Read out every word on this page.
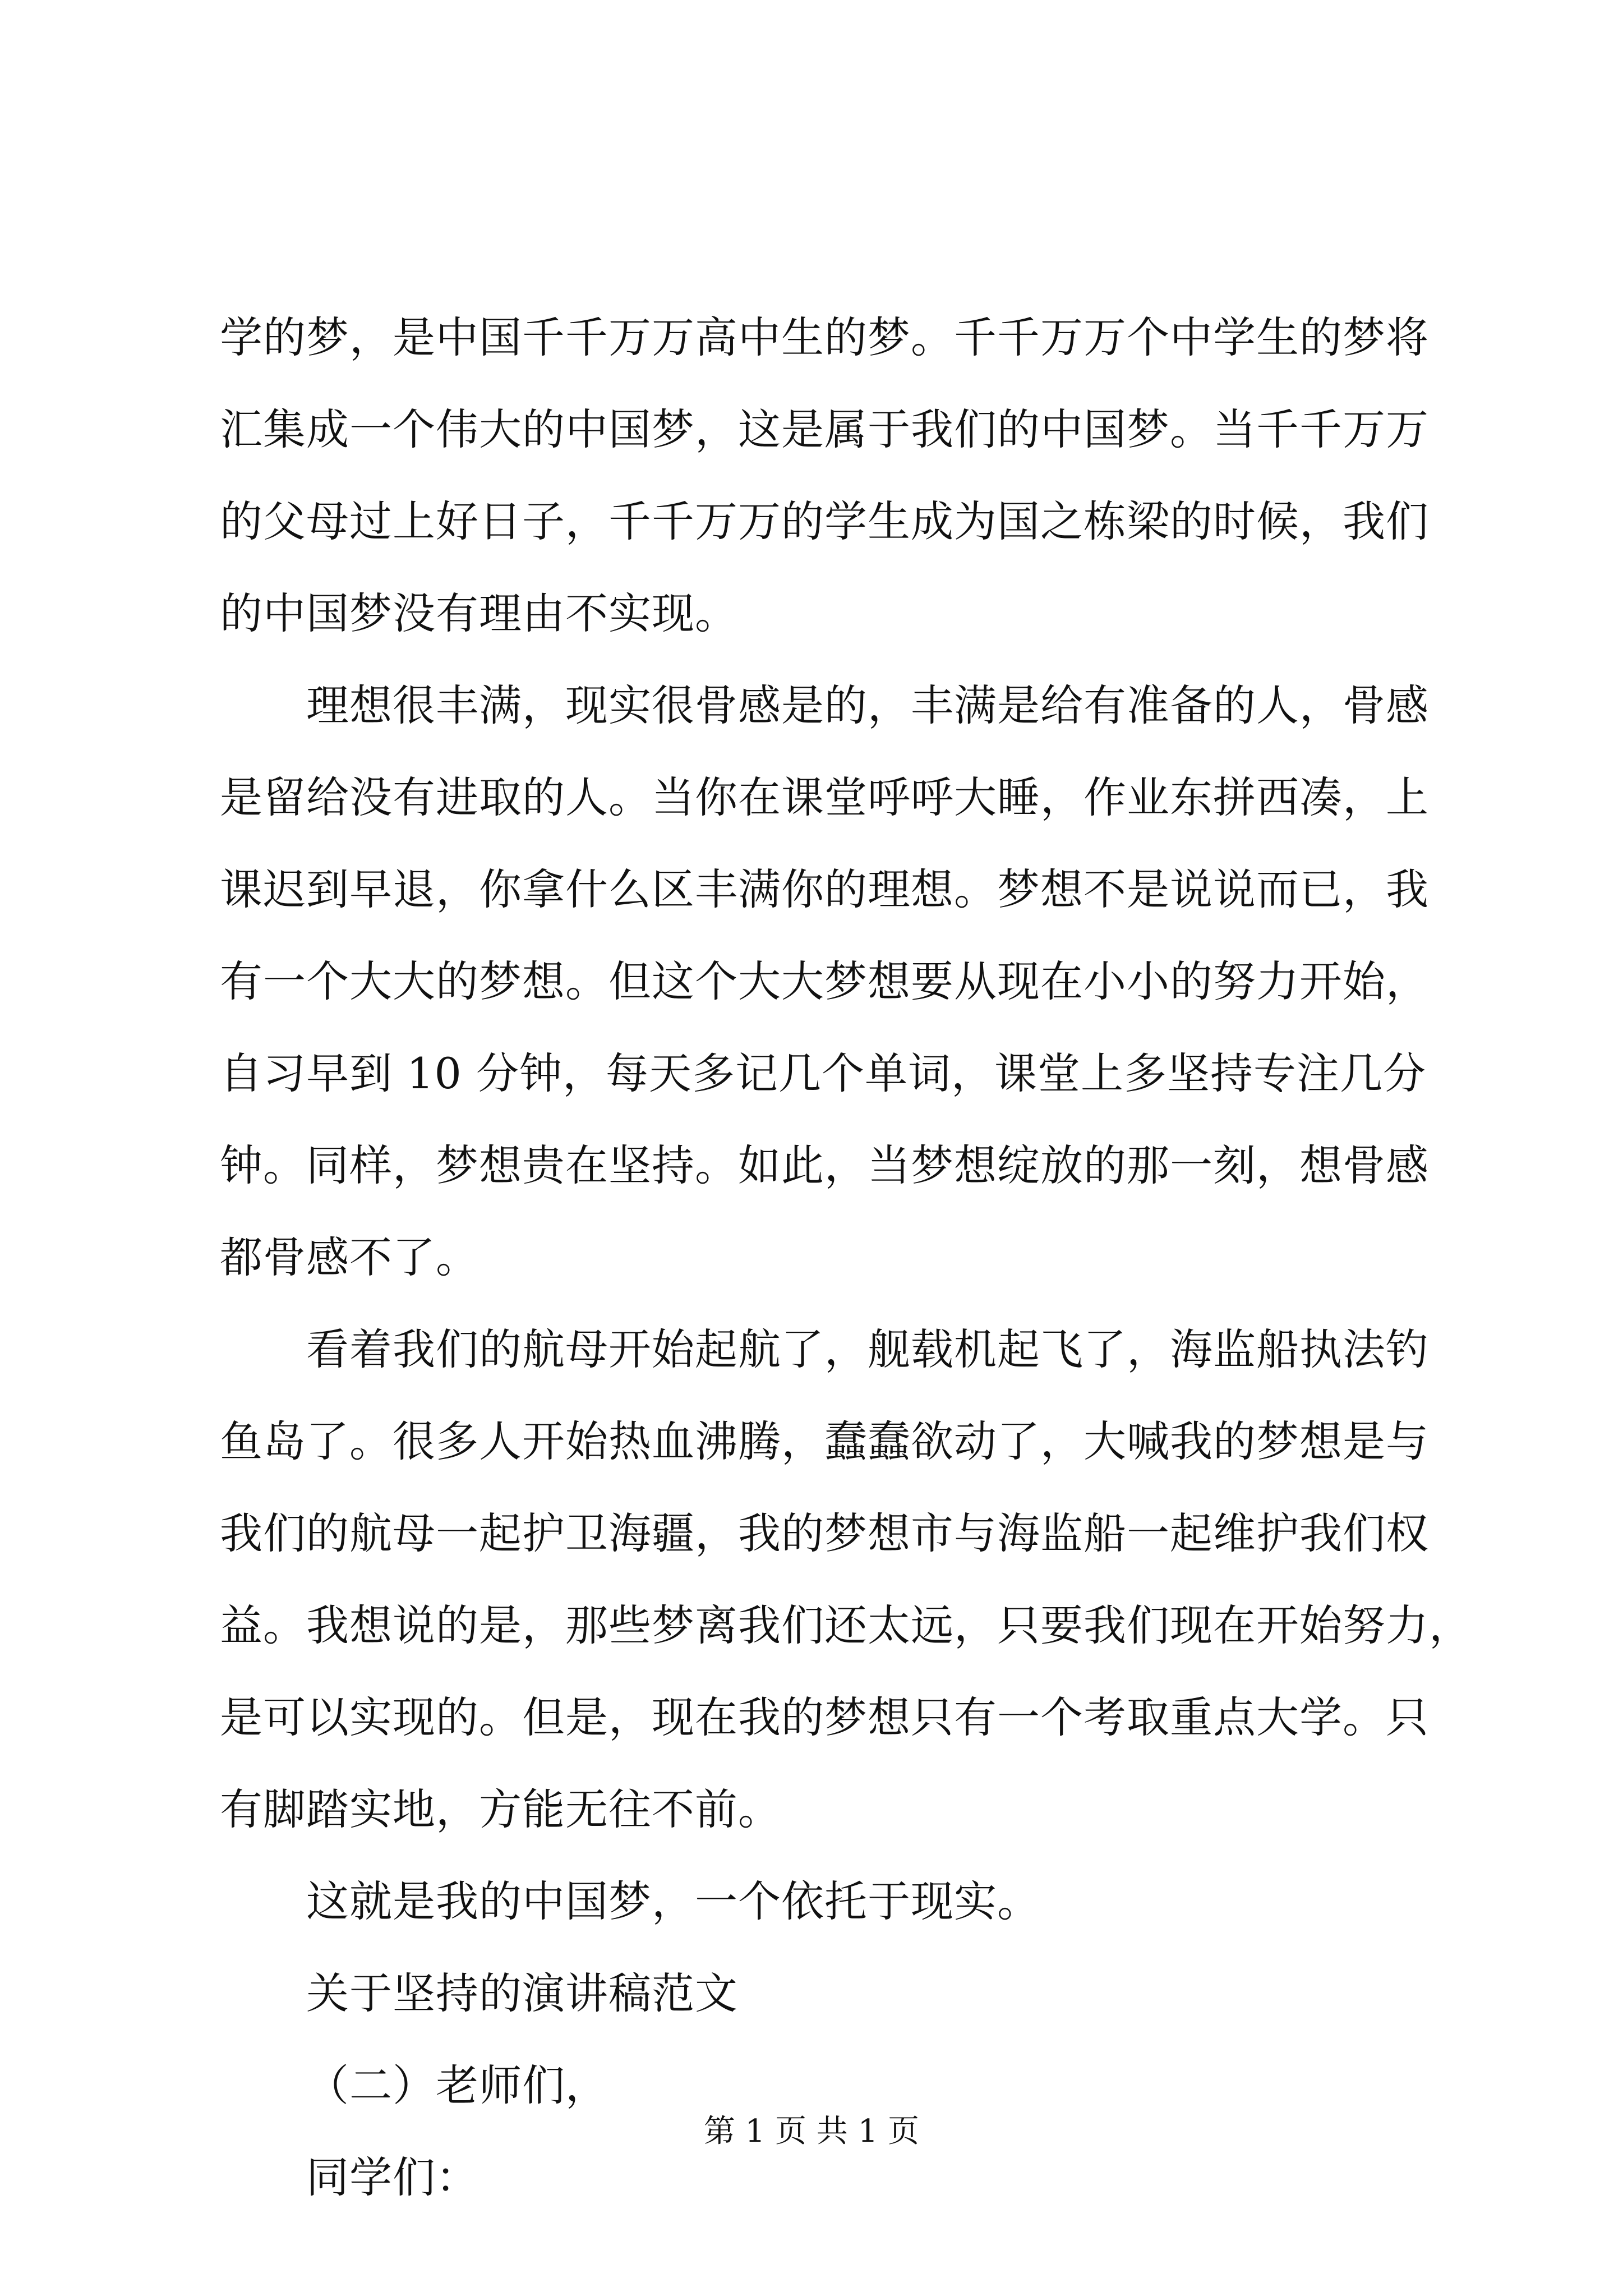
学的梦，是中国千千万万高中生的梦。千千万万个中学生的梦将
汇集成一个伟大的中国梦，这是属于我们的中国梦。当千千万万
的父母过上好日子，千千万万的学生成为国之栋梁的时候，我们
的中国梦没有理由不实现。
理想很丰满，现实很骨感是的，丰满是给有准备的人，骨感
是留给没有进取的人。当你在课堂呼呼大睡，作业东拼西凑，上
课迟到早退，你拿什么区丰满你的理想。梦想不是说说而已，我
有一个大大的梦想。但这个大大梦想要从现在小小的努力开始，
自习早到 10 分钟，每天多记几个单词，课堂上多坚持专注几分
钟。同样，梦想贵在坚持。如此，当梦想绽放的那一刻，想骨感
都骨感不了。
看着我们的航母开始起航了，舰载机起飞了，海监船执法钓
鱼岛了。很多人开始热血沸腾，蠢蠢欲动了，大喊我的梦想是与
我们的航母一起护卫海疆，我的梦想市与海监船一起维护我们权
益。我想说的是，那些梦离我们还太远，只要我们现在开始努力，
是可以实现的。但是，现在我的梦想只有一个考取重点大学。只
有脚踏实地，方能无往不前。
这就是我的中国梦，一个依托于现实。
关于坚持的演讲稿范文
（二）老师们，
同学们：
第 1 页 共 1 页
